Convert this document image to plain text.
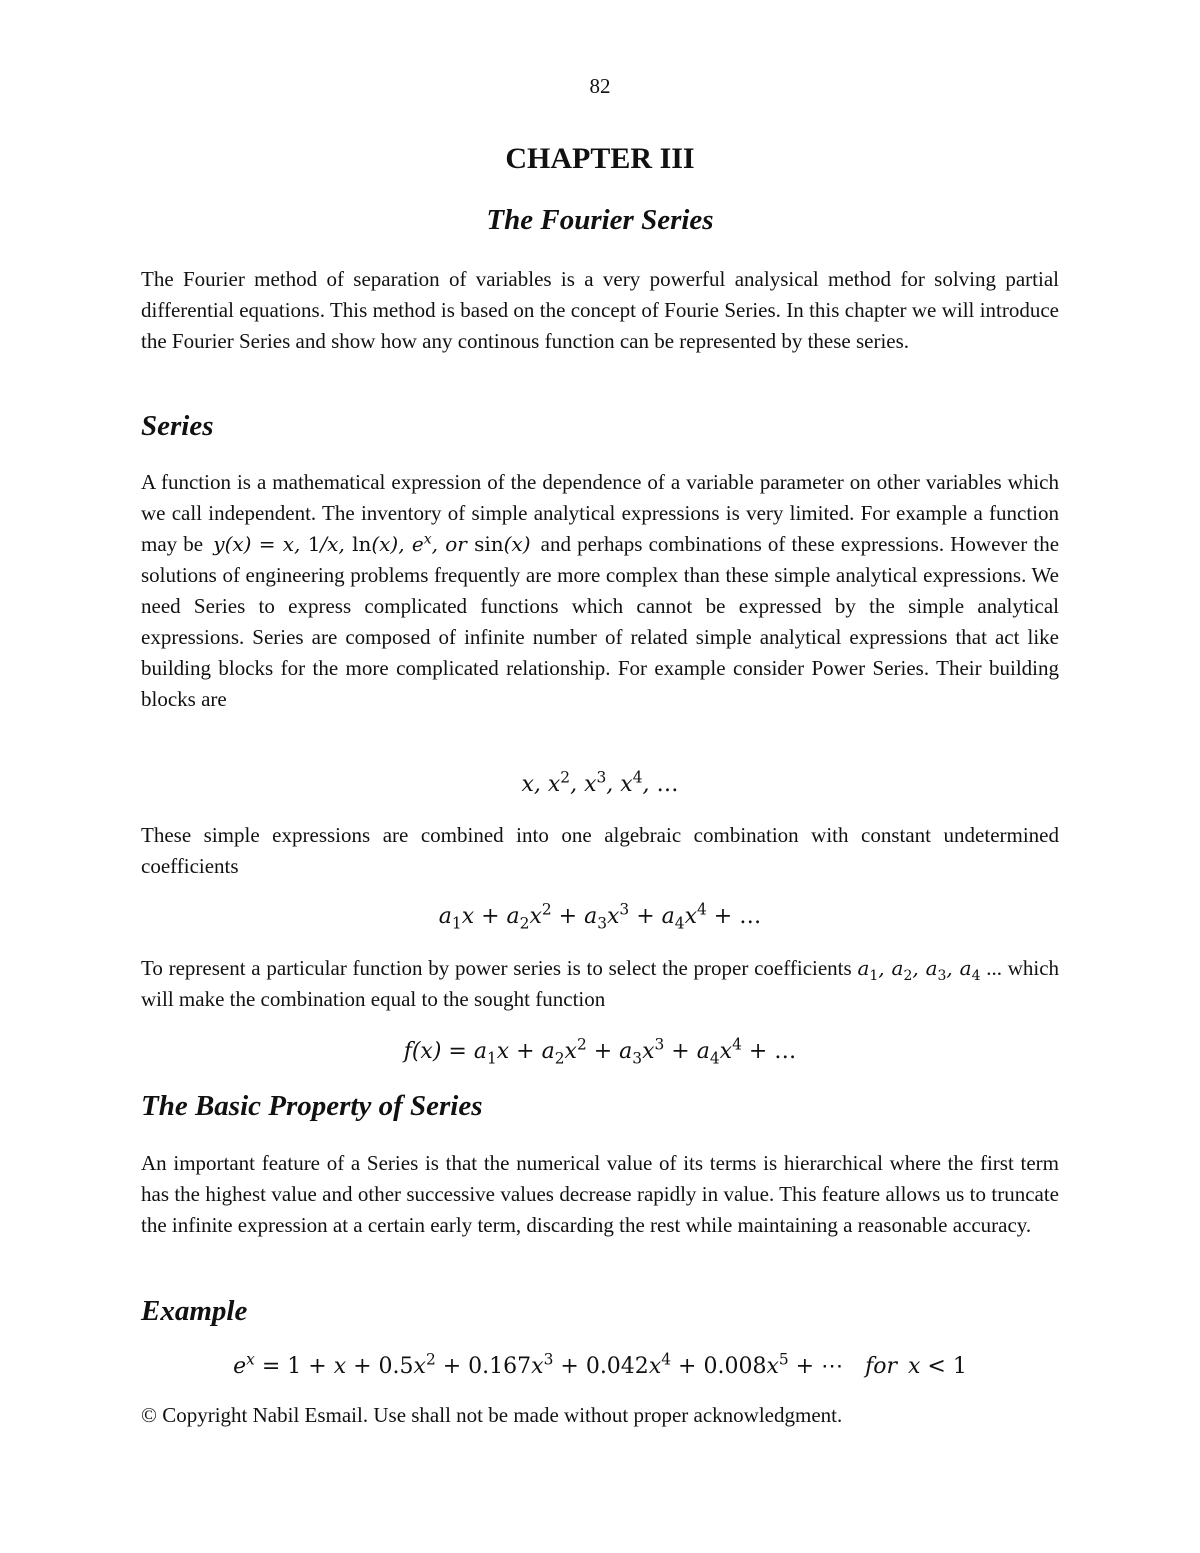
82
CHAPTER III
The Fourier Series

The Fourier method of separation of variables is a very powerful analysical method for solving partial differential equations. This method is based on the concept of Fourie Series. In this chapter we will introduce the Fourier Series and show how any continous function can be represented by these series.

Series

A function is a mathematical expression of the dependence of a variable parameter on other variables which we call independent. The inventory of simple analytical expressions is very limited. For example a function may be  y(x) = x, 1/x, ln(x), $e^x$, or sin(x)  and perhaps combinations of these expressions. However the solutions of engineering problems frequently are more complex than these simple analytical expressions. We need Series to express complicated functions which cannot be expressed by the simple analytical expressions. Series are composed of infinite number of related simple analytical expressions that act like building blocks for the more complicated relationship. For example consider Power Series. Their building blocks are

x, $x^2$, $x^3$, $x^4$, …

These simple expressions are combined into one algebraic combination with constant undetermined coefficients

$a_1x + a_2x^2 + a_3x^3 + a_4x^4$ + …

To represent a particular function by power series is to select the proper coefficients $a_1$, $a_2$, $a_3$, $a_4$ ... which will make the combination equal to the sought function

$f(x) = a_1x + a_2x^2 + a_3x^3 + a_4x^4$ + …
The Basic Property of Series

An important feature of a Series is that the numerical value of its terms is hierarchical where the first term has the highest value and other successive values decrease rapidly in value. This feature allows us to truncate the infinite expression at a certain early term, discarding the rest while maintaining a reasonable accuracy.

Example
$e^x = 1 + x + 0.5x^2 + 0.167x^3 + 0.042x^4 + 0.008x^5$ + ⋯ for x < 1
© Copyright Nabil Esmail. Use shall not be made without proper acknowledgment.
